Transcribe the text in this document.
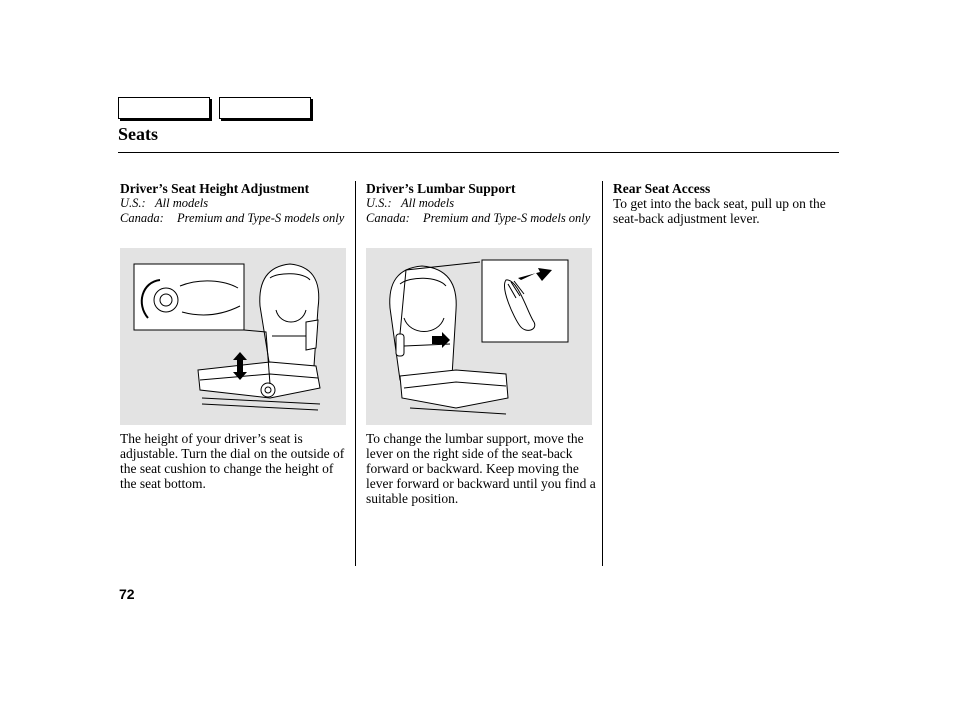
Seats
Driver’s Seat Height Adjustment
U.S.: All models
Canada:	Premium and Type-S models only
The height of your driver’s seat is adjustable. Turn the dial on the outside of the seat cushion to change the height of the seat bottom.
Driver’s Lumbar Support
U.S.: All models
Canada:	Premium and Type-S models only
To change the lumbar support, move the lever on the right side of the seat-back forward or backward. Keep moving the lever forward or backward until you find a suitable position.
Rear Seat Access
To get into the back seat, pull up on the seat-back adjustment lever.
72
